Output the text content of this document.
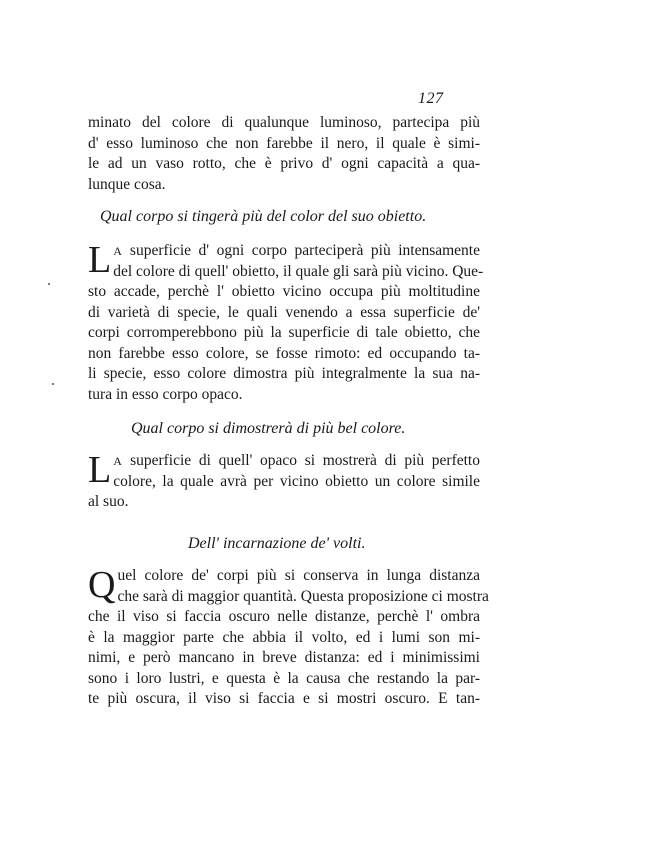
127
minato del colore di qualunque luminoso, partecipa più
d' esso luminoso che non farebbe il nero, il quale è simi-
le ad un vaso rotto, che è privo d' ogni capacità a qua-
lunque cosa.
Qual corpo si tingerà più del color del suo obietto.
LA superficie d' ogni corpo parteciperà più intensamente
del colore di quell' obietto, il quale gli sarà più vicino. Que-
sto accade, perchè l' obietto vicino occupa più moltitudine
di varietà di specie, le quali venendo a essa superficie de'
corpi corromperebbono più la superficie di tale obietto, che
non farebbe esso colore, se fosse rimoto: ed occupando ta-
li specie, esso colore dimostra più integralmente la sua na-
tura in esso corpo opaco.
Qual corpo si dimostrerà di più bel colore.
LA superficie di quell' opaco si mostrerà di più perfetto
colore, la quale avrà per vicino obietto un colore simile
al suo.
Dell' incarnazione de' volti.
Quel colore de' corpi più si conserva in lunga distanza
che sarà di maggior quantità. Questa proposizione ci mostra
che il viso si faccia oscuro nelle distanze, perchè l' ombra
è la maggior parte che abbia il volto, ed i lumi son mi-
nimi, e però mancano in breve distanza: ed i minimissimi
sono i loro lustri, e questa è la causa che restando la par-
te più oscura, il viso si faccia e si mostri oscuro. E tan-
